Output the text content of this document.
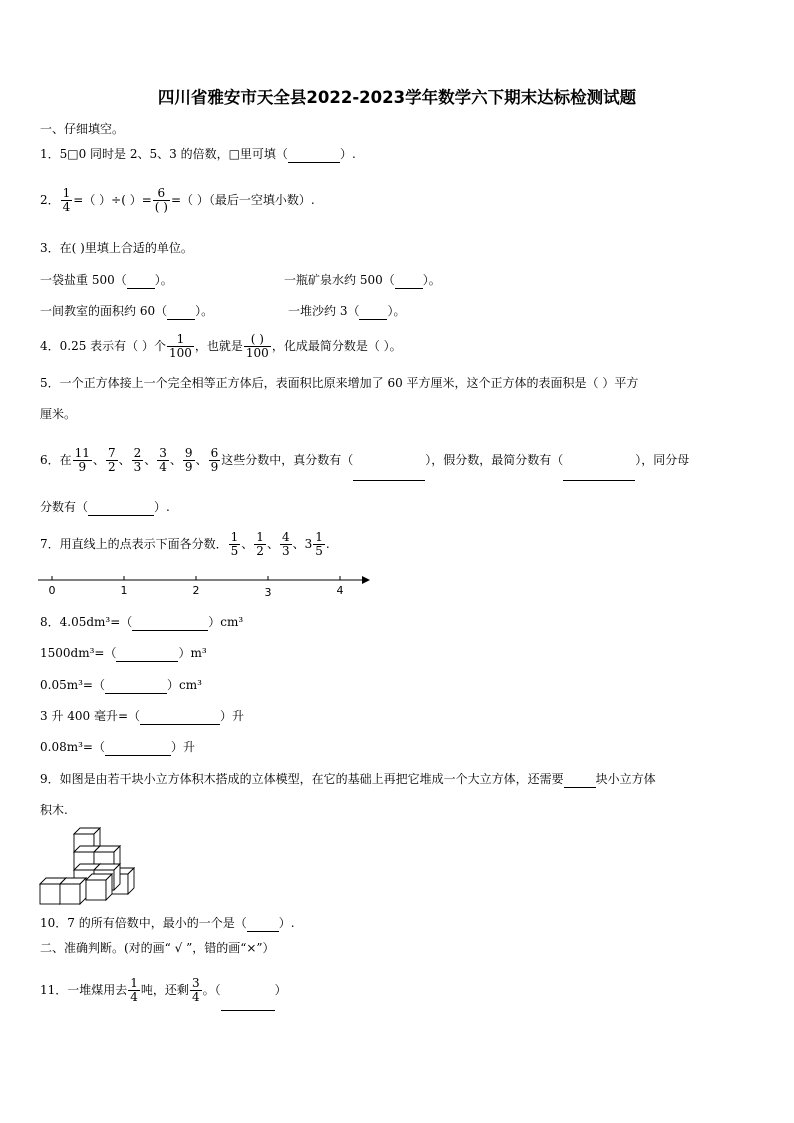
四川省雅安市天全县2022-2023学年数学六下期末达标检测试题
一、仔细填空。
1．5□0 同时是 2、5、3 的倍数，□里可填（	）.
2． $\frac{1}{4}$ =（ ）÷( ）= $\frac{6}{( )}$ =（ ）（最后一空填小数）.
3．在( )里填上合适的单位。
一袋盐重 500（ ）。	一瓶矿泉水约 500（ ）。
一间教室的面积约 60（ ）。	一堆沙约 3（ ）。
4．0.25 表示有（ ）个 $\frac{1}{100}$ ，也就是 $\frac{( )}{100}$ ，化成最简分数是（ ）。
5．一个正方体接上一个完全相等正方体后，表面积比原来增加了 60 平方厘米，这个正方体的表面积是（ ）平方
厘米。
6．在 $\frac{11}{9}$ 、 $\frac{7}{2}$ 、 $\frac{2}{3}$ 、 $\frac{3}{4}$ 、 $\frac{9}{9}$ 、 $\frac{6}{9}$ 这些分数中，真分数有（	），假分数，最简分数有（	），同分母
分数有（	）.
7．用直线上的点表示下面各分数． $\frac{1}{5}$ 、 $\frac{1}{2}$ 、 $\frac{4}{3}$ 、$3 \frac{1}{5}$ .
0	1	2	3	4
8．4.05dm³=（	）cm³
1500dm³=（	）m³
0.05m³=（	）cm³
3 升 400 毫升=（	）升
0.08m³=（	）升
9．如图是由若干块小立方体积木搭成的立体模型，在它的基础上再把它堆成一个大立方体，还需要	块小立方体
积木.
10．7 的所有倍数中，最小的一个是（	）.
二、准确判断。(对的画“ √ ”，错的画“×”）
11．一堆煤用去 $\frac{1}{4}$ 吨，还剩 $\frac{3}{4}$ 。（	）
